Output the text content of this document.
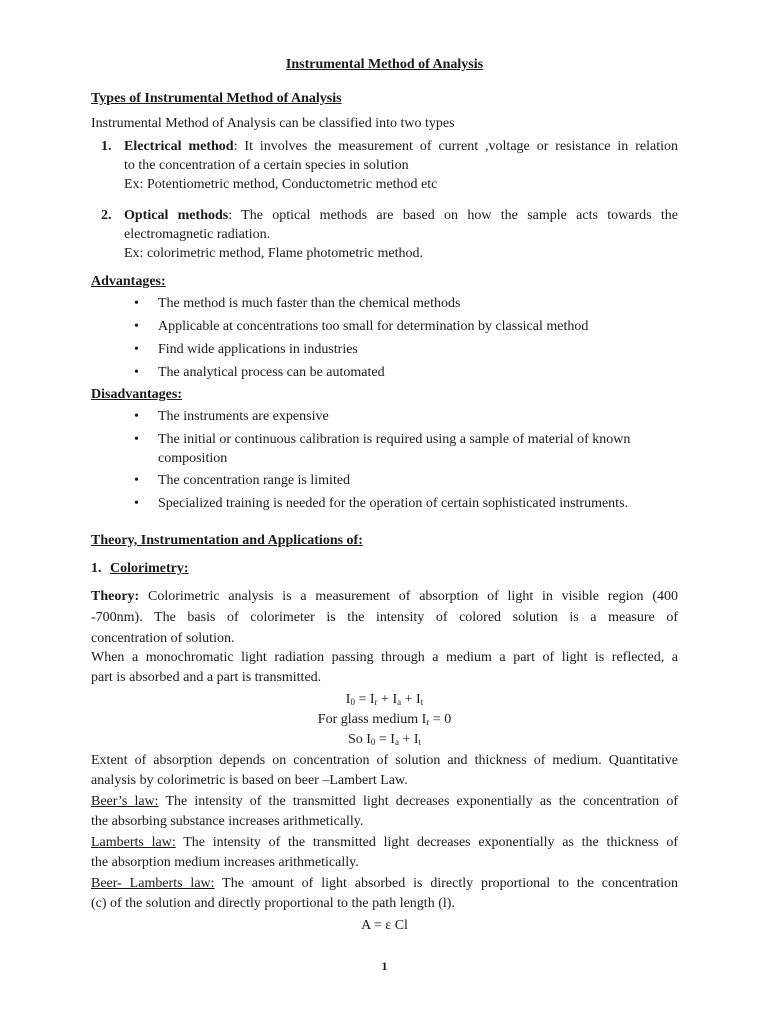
Instrumental Method of Analysis
Types of Instrumental Method of Analysis
Instrumental Method of Analysis can be classified into two types
1. Electrical method: It involves the measurement of current ,voltage or resistance in relation
to the concentration of a certain species in solution
Ex: Potentiometric method, Conductometric method etc
2. Optical methods: The optical methods are based on how the sample acts towards the
electromagnetic radiation.
Ex: colorimetric method, Flame photometric method.
Advantages:
• The method is much faster than the chemical methods
• Applicable at concentrations too small for determination by classical method
• Find wide applications in industries
• The analytical process can be automated
Disadvantages:
• The instruments are expensive
• The initial or continuous calibration is required using a sample of material of known
composition
• The concentration range is limited
• Specialized training is needed for the operation of certain sophisticated instruments.
Theory, Instrumentation and Applications of:
1. Colorimetry:
Theory: Colorimetric analysis is a measurement of absorption of light in visible region (400
-700nm). The basis of colorimeter is the intensity of colored solution is a measure of
concentration of solution.
When a monochromatic light radiation passing through a medium a part of light is reflected, a
part is absorbed and a part is transmitted.
$I_0 = I_r + I_a + I_t$
For glass medium $I_r = 0$
So $I_0 = I_a + I_t$
Extent of absorption depends on concentration of solution and thickness of medium. Quantitative
analysis by colorimetric is based on beer –Lambert Law.
Beer’s law: The intensity of the transmitted light decreases exponentially as the concentration of
the absorbing substance increases arithmetically.
Lamberts law: The intensity of the transmitted light decreases exponentially as the thickness of
the absorption medium increases arithmetically.
Beer- Lamberts law: The amount of light absorbed is directly proportional to the concentration
(c) of the solution and directly proportional to the path length (l).
A = ε Cl
1
